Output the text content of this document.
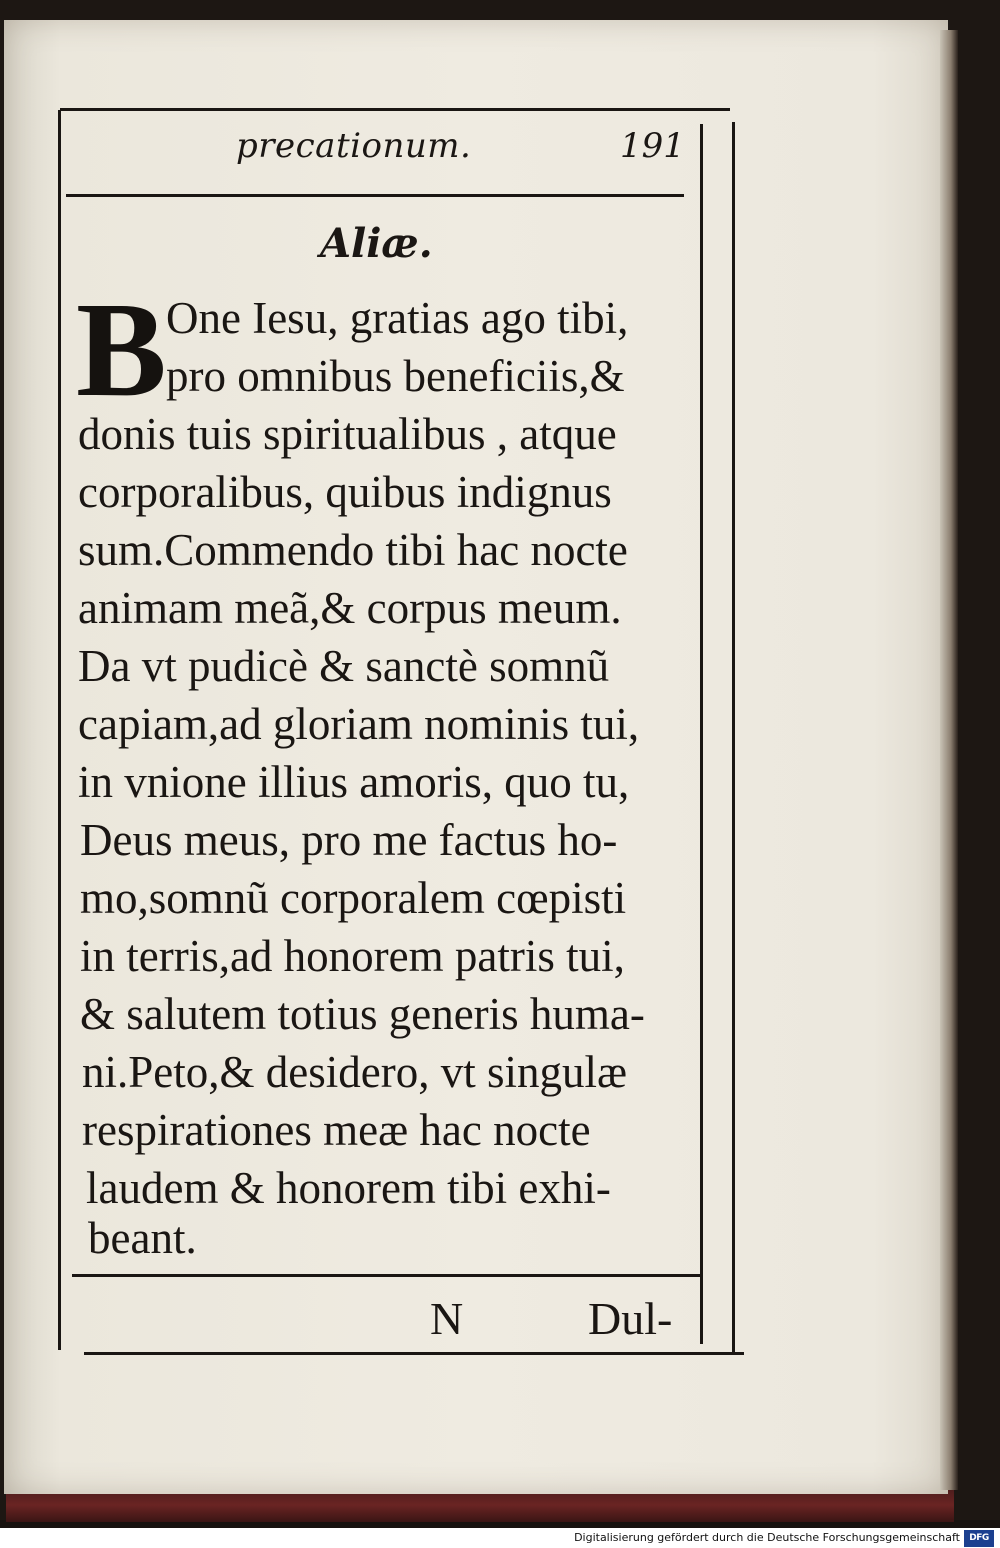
precationum.	191
Aliæ.
B One Iesu, gratias ago tibi,
pro omnibus beneficiis,&
donis tuis spiritualibus , atque
corporalibus, quibus indignus
sum.Commendo tibi hac nocte
animam meã,& corpus meum.
Da vt pudicè & sanctè somnũ
capiam,ad gloriam nominis tui,
in vnione illius amoris, quo tu,
Deus meus, pro me factus ho-
mo,somnũ corporalem cœpisti
in terris,ad honorem patris tui,
& salutem totius generis huma-
ni.Peto,& desidero, vt singulæ
respirationes meæ hac nocte
laudem & honorem tibi exhi-
beant.
N	Dul-
Digitalisierung gefördert durch die Deutsche Forschungsgemeinschaft	DFG
